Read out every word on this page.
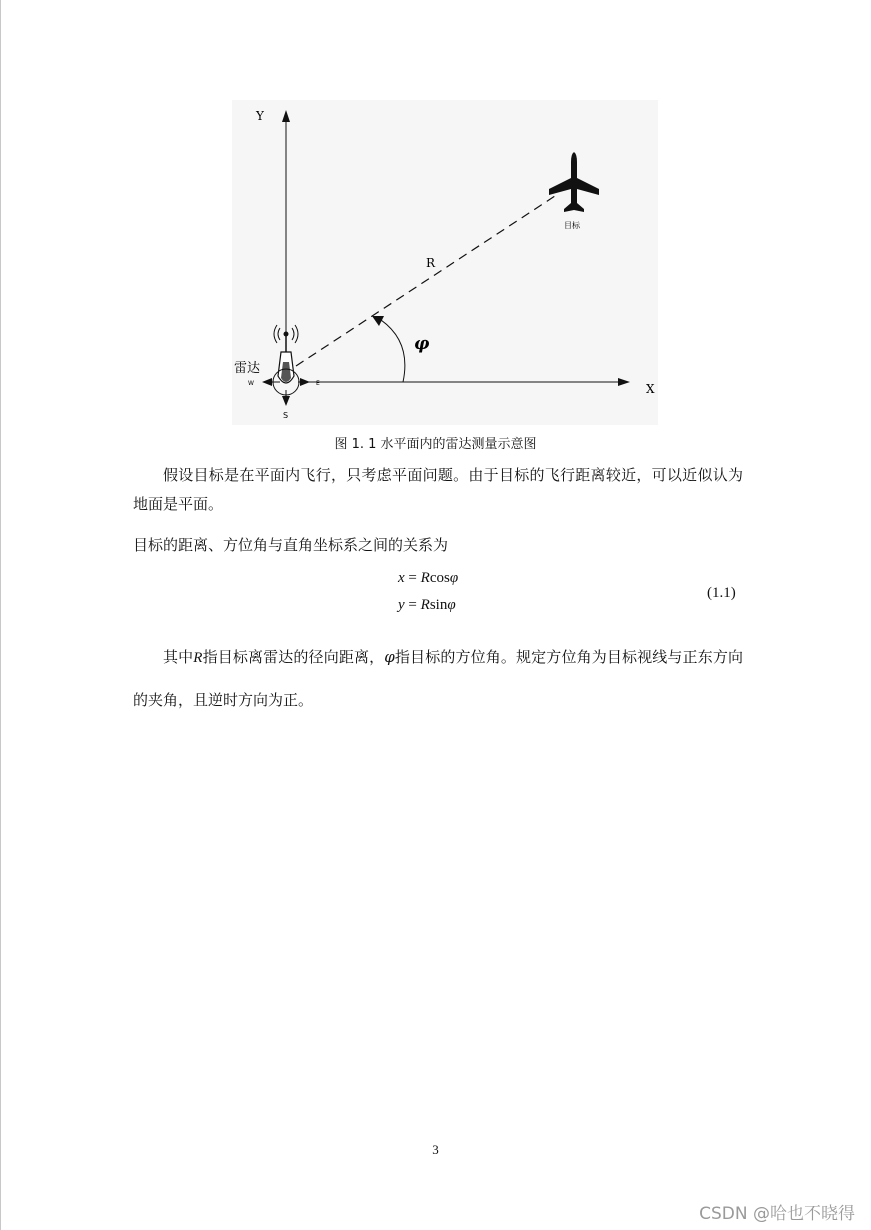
Y
X
R
φ
雷达
W	E
S
目标
图 1. 1 水平面内的雷达测量示意图

假设目标是在平面内飞行，只考虑平面问题。由于目标的飞行距离较近，可以近似认为地面是平面。

目标的距离、方位角与直角坐标系之间的关系为

x = Rcosφ
y = Rsinφ
(1.1)

其中R指目标离雷达的径向距离，φ指目标的方位角。规定方位角为目标视线与正东方向的夹角，且逆时方向为正。

3
CSDN @哈也不晓得
